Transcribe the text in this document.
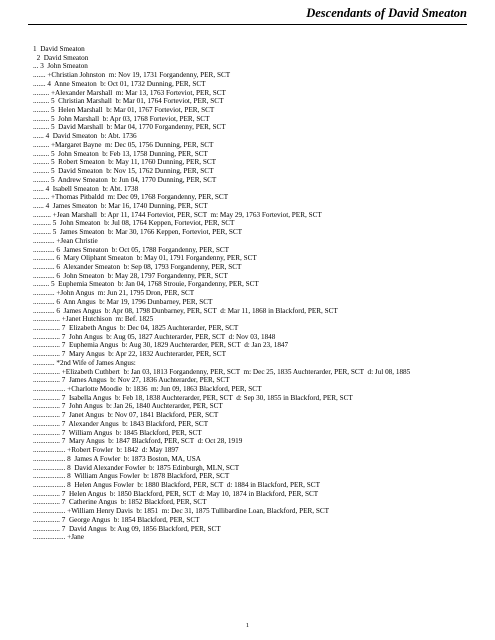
Descendants of David Smeaton
1  David Smeaton
2  David Smeaton
... 3  John Smeaton
....... +Christian Johnston  m: Nov 19, 1731 Forgandenny, PER, SCT
....... 4  Anne Smeaton  b: Oct 01, 1732 Dunning, PER, SCT
......... +Alexander Marshall  m: Mar 13, 1763 Forteviot, PER, SCT
......... 5  Christian Marshall  b: Mar 01, 1764 Forteviot, PER, SCT
......... 5  Helen Marshall  b: Mar 01, 1767 Forteviot, PER, SCT
......... 5  John Marshall  b: Apr 03, 1768 Forteviot, PER, SCT
......... 5  David Marshall  b: Mar 04, 1770 Forgandenny, PER, SCT
...... 4  David Smeaton  b: Abt. 1736
......... +Margaret Bayne  m: Dec 05, 1756 Dunning, PER, SCT
......... 5  John Smeaton  b: Feb 13, 1758 Dunning, PER, SCT
......... 5  Robert Smeaton  b: May 11, 1760 Dunning, PER, SCT
......... 5  David Smeaton  b: Nov 15, 1762 Dunning, PER, SCT
......... 5  Andrew Smeaton  b: Jun 04, 1770 Dunning, PER, SCT
...... 4  Isabell Smeaton  b: Abt. 1738
......... +Thomas Pitbaldd  m: Dec 09, 1768 Forgandenny, PER, SCT
...... 4  James Smeaton  b: Mar 16, 1740 Dunning, PER, SCT
.......... +Jean Marshall  b: Apr 11, 1744 Forteviot, PER, SCT  m: May 29, 1763 Forteviot, PER, SCT
.......... 5  John Smeaton  b: Jul 08, 1764 Keppen, Forteviot, PER, SCT
.......... 5  James Smeaton  b: Mar 30, 1766 Keppen, Forteviot, PER, SCT
............ +Jean Christie
............ 6  James Smeaton  b: Oct 05, 1788 Forgandenny, PER, SCT
............ 6  Mary Oliphant Smeaton  b: May 01, 1791 Forgandenny, PER, SCT
............ 6  Alexander Smeaton  b: Sep 08, 1793 Forgandenny, PER, SCT
............ 6  John Smeaton  b: May 28, 1797 Forgandenny, PER, SCT
......... 5  Euphemia Smeaton  b: Jan 04, 1768 Strouie, Forgandenny, PER, SCT
............ +John Angus  m: Jun 21, 1795 Dron, PER, SCT
............ 6  Ann Angus  b: Mar 19, 1796 Dunbarney, PER, SCT
............ 6  James Angus  b: Apr 08, 1798 Dunbarney, PER, SCT  d: Mar 11, 1868 in Blackford, PER, SCT
............... +Janet Hutchison  m: Bef. 1825
............... 7  Elizabeth Angus  b: Dec 04, 1825 Auchterarder, PER, SCT
............... 7  John Angus  b: Aug 05, 1827 Auchterarder, PER, SCT  d: Nov 03, 1848
............... 7  Euphemia Angus  b: Aug 30, 1829 Auchterarder, PER, SCT  d: Jan 23, 1847
............... 7  Mary Angus  b: Apr 22, 1832 Auchterarder, PER, SCT
............ *2nd Wife of James Angus:
............... +Elizabeth Cuthbert  b: Jan 03, 1813 Forgandenny, PER, SCT  m: Dec 25, 1835 Auchterarder, PER, SCT  d: Jul 08, 1885
............... 7  James Angus  b: Nov 27, 1836 Auchterarder, PER, SCT
.................. +Charlotte Moodie  b: 1836  m: Jun 09, 1863 Blackford, PER, SCT
............... 7  Isabella Angus  b: Feb 18, 1838 Auchterarder, PER, SCT  d: Sep 30, 1855 in Blackford, PER, SCT
............... 7  John Angus  b: Jan 26, 1840 Auchterarder, PER, SCT
............... 7  Janet Angus  b: Nov 07, 1841 Blackford, PER, SCT
............... 7  Alexander Angus  b: 1843 Blackford, PER, SCT
............... 7  William Angus  b: 1845 Blackford, PER, SCT
............... 7  Mary Angus  b: 1847 Blackford, PER, SCT  d: Oct 28, 1919
.................. +Robert Fowler  b: 1842  d: May 1897
.................. 8  James A Fowler  b: 1873 Boston, MA, USA
.................. 8  David Alexander Fowler  b: 1875 Edinburgh, MLN, SCT
.................. 8  William Angus Fowler  b: 1878 Blackford, PER, SCT
.................. 8  Helen Angus Fowler  b: 1880 Blackford, PER, SCT  d: 1884 in Blackford, PER, SCT
............... 7  Helen Angus  b: 1850 Blackford, PER, SCT  d: May 10, 1874 in Blackford, PER, SCT
............... 7  Catherine Angus  b: 1852 Blackford, PER, SCT
.................. +William Henry Davis  b: 1851  m: Dec 31, 1875 Tullibardine Loan, Blackford, PER, SCT
............... 7  George Angus  b: 1854 Blackford, PER, SCT
............... 7  David Angus  b: Aug 09, 1856 Blackford, PER, SCT
.................. +Jane
1
